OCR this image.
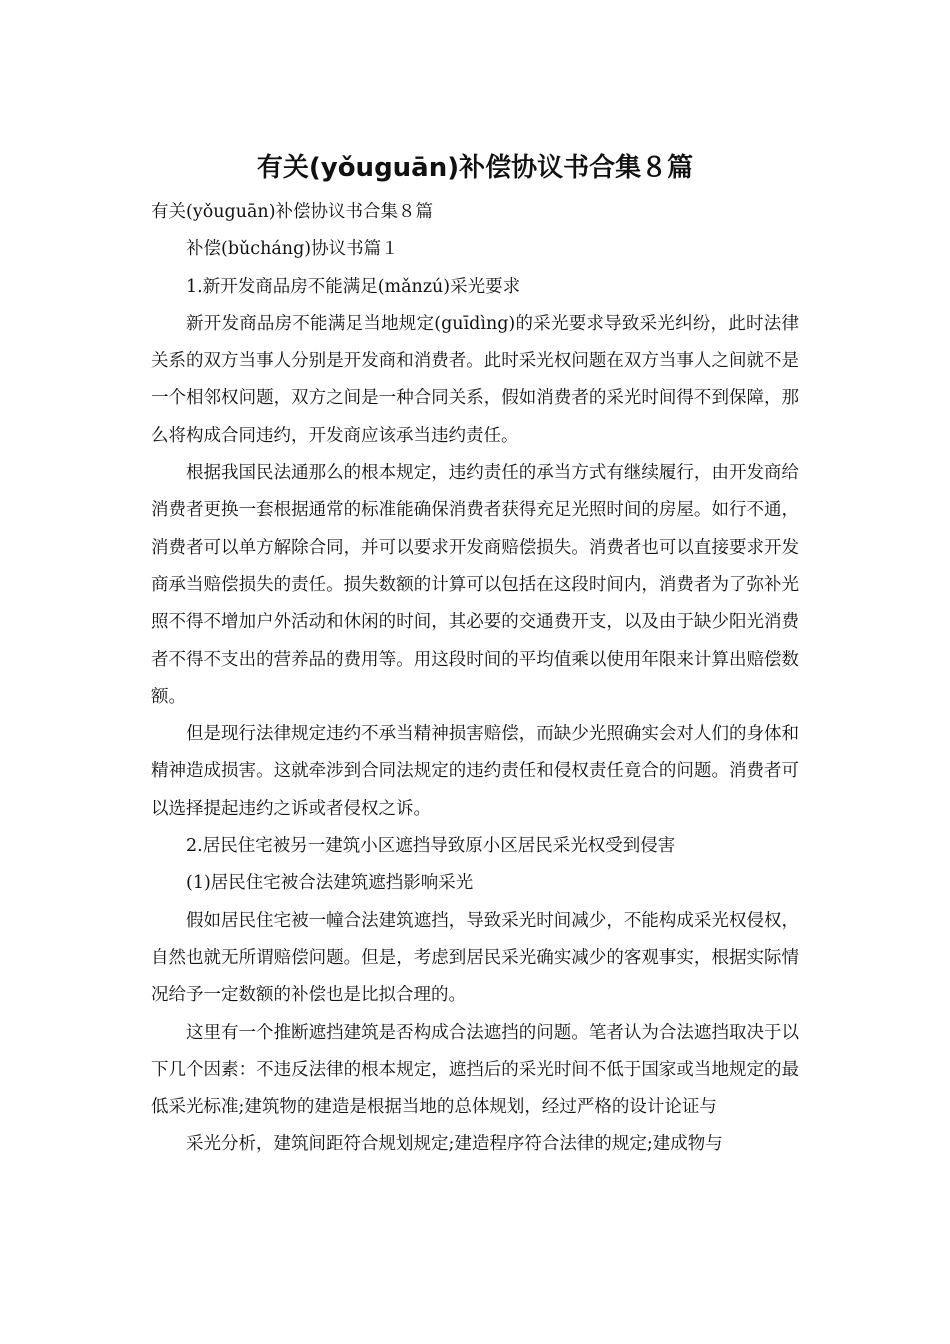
有关(yǒuguān)补偿协议书合集８篇

有关(yǒuguān)补偿协议书合集８篇

补偿(bǔcháng)协议书篇１

1.新开发商品房不能满足(mǎnzú)采光要求

新开发商品房不能满足当地规定(guīdìng)的采光要求导致采光纠纷，此时法律关系的双方当事人分别是开发商和消费者。此时采光权问题在双方当事人之间就不是一个相邻权问题，双方之间是一种合同关系，假如消费者的采光时间得不到保障，那么将构成合同违约，开发商应该承当违约责任。

根据我国民法通那么的根本规定，违约责任的承当方式有继续履行，由开发商给消费者更换一套根据通常的标准能确保消费者获得充足光照时间的房屋。如行不通，消费者可以单方解除合同，并可以要求开发商赔偿损失。消费者也可以直接要求开发商承当赔偿损失的责任。损失数额的计算可以包括在这段时间内，消费者为了弥补光照不得不增加户外活动和休闲的时间，其必要的交通费开支，以及由于缺少阳光消费者不得不支出的营养品的费用等。用这段时间的平均值乘以使用年限来计算出赔偿数额。

但是现行法律规定违约不承当精神损害赔偿，而缺少光照确实会对人们的身体和精神造成损害。这就牵涉到合同法规定的违约责任和侵权责任竟合的问题。消费者可以选择提起违约之诉或者侵权之诉。

2.居民住宅被另一建筑小区遮挡导致原小区居民采光权受到侵害

(1)居民住宅被合法建筑遮挡影响采光

假如居民住宅被一幢合法建筑遮挡，导致采光时间减少，不能构成采光权侵权，自然也就无所谓赔偿问题。但是，考虑到居民采光确实减少的客观事实，根据实际情况给予一定数额的补偿也是比拟合理的。

这里有一个推断遮挡建筑是否构成合法遮挡的问题。笔者认为合法遮挡取决于以下几个因素：不违反法律的根本规定，遮挡后的采光时间不低于国家或当地规定的最低采光标准;建筑物的建造是根据当地的总体规划，经过严格的设计论证与

采光分析，建筑间距符合规划规定;建造程序符合法律的规定;建成物与
